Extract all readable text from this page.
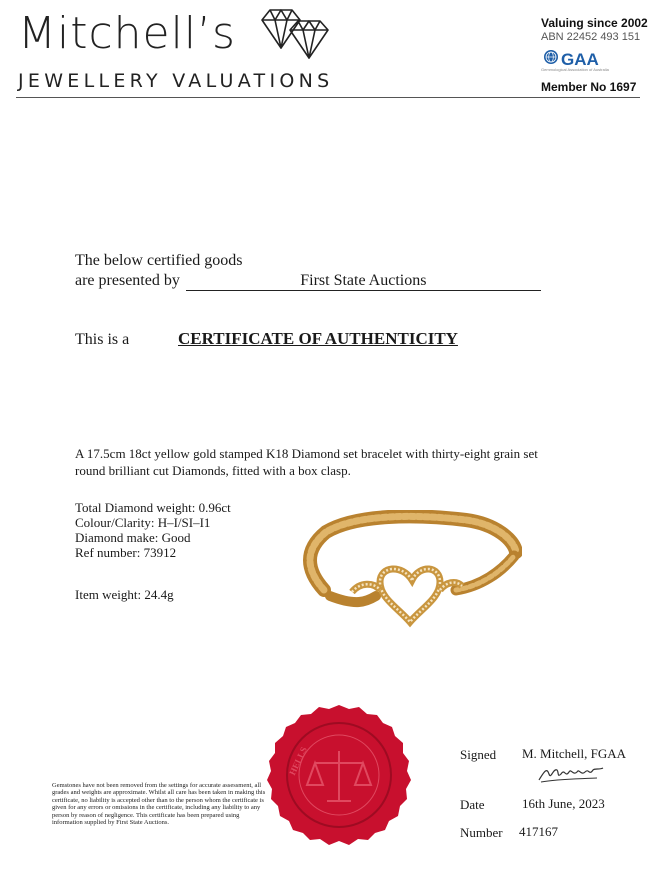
Mitchell’s
JEWELLERY VALUATIONS
Valuing since 2002
ABN 22452 493 151
GAA
Gemmological Association of Australia
Member No 1697
The below certified goods
are presented by	First State Auctions
This is a	CERTIFICATE OF AUTHENTICITY
A 17.5cm 18ct yellow gold stamped K18 Diamond set bracelet with thirty-eight grain set round brilliant cut Diamonds, fitted with a box clasp.
Total Diamond weight: 0.96ct
Colour/Clarity: H–I/SI–I1
Diamond make: Good
Ref number: 73912
Item weight: 24.4g
HELLS
Gemstones have not been removed from the settings for accurate assessment, all grades and weights are approximate. Whilst all care has been taken in making this certificate, no liability is accepted other than to the person whom the certificate is given for any errors or omissions in the certificate, including any liability to any person by reason of negligence. This certificate has been prepared using information supplied by First State Auctions.
Signed M. Mitchell, FGAA
Date	16th June, 2023
Number 417167
